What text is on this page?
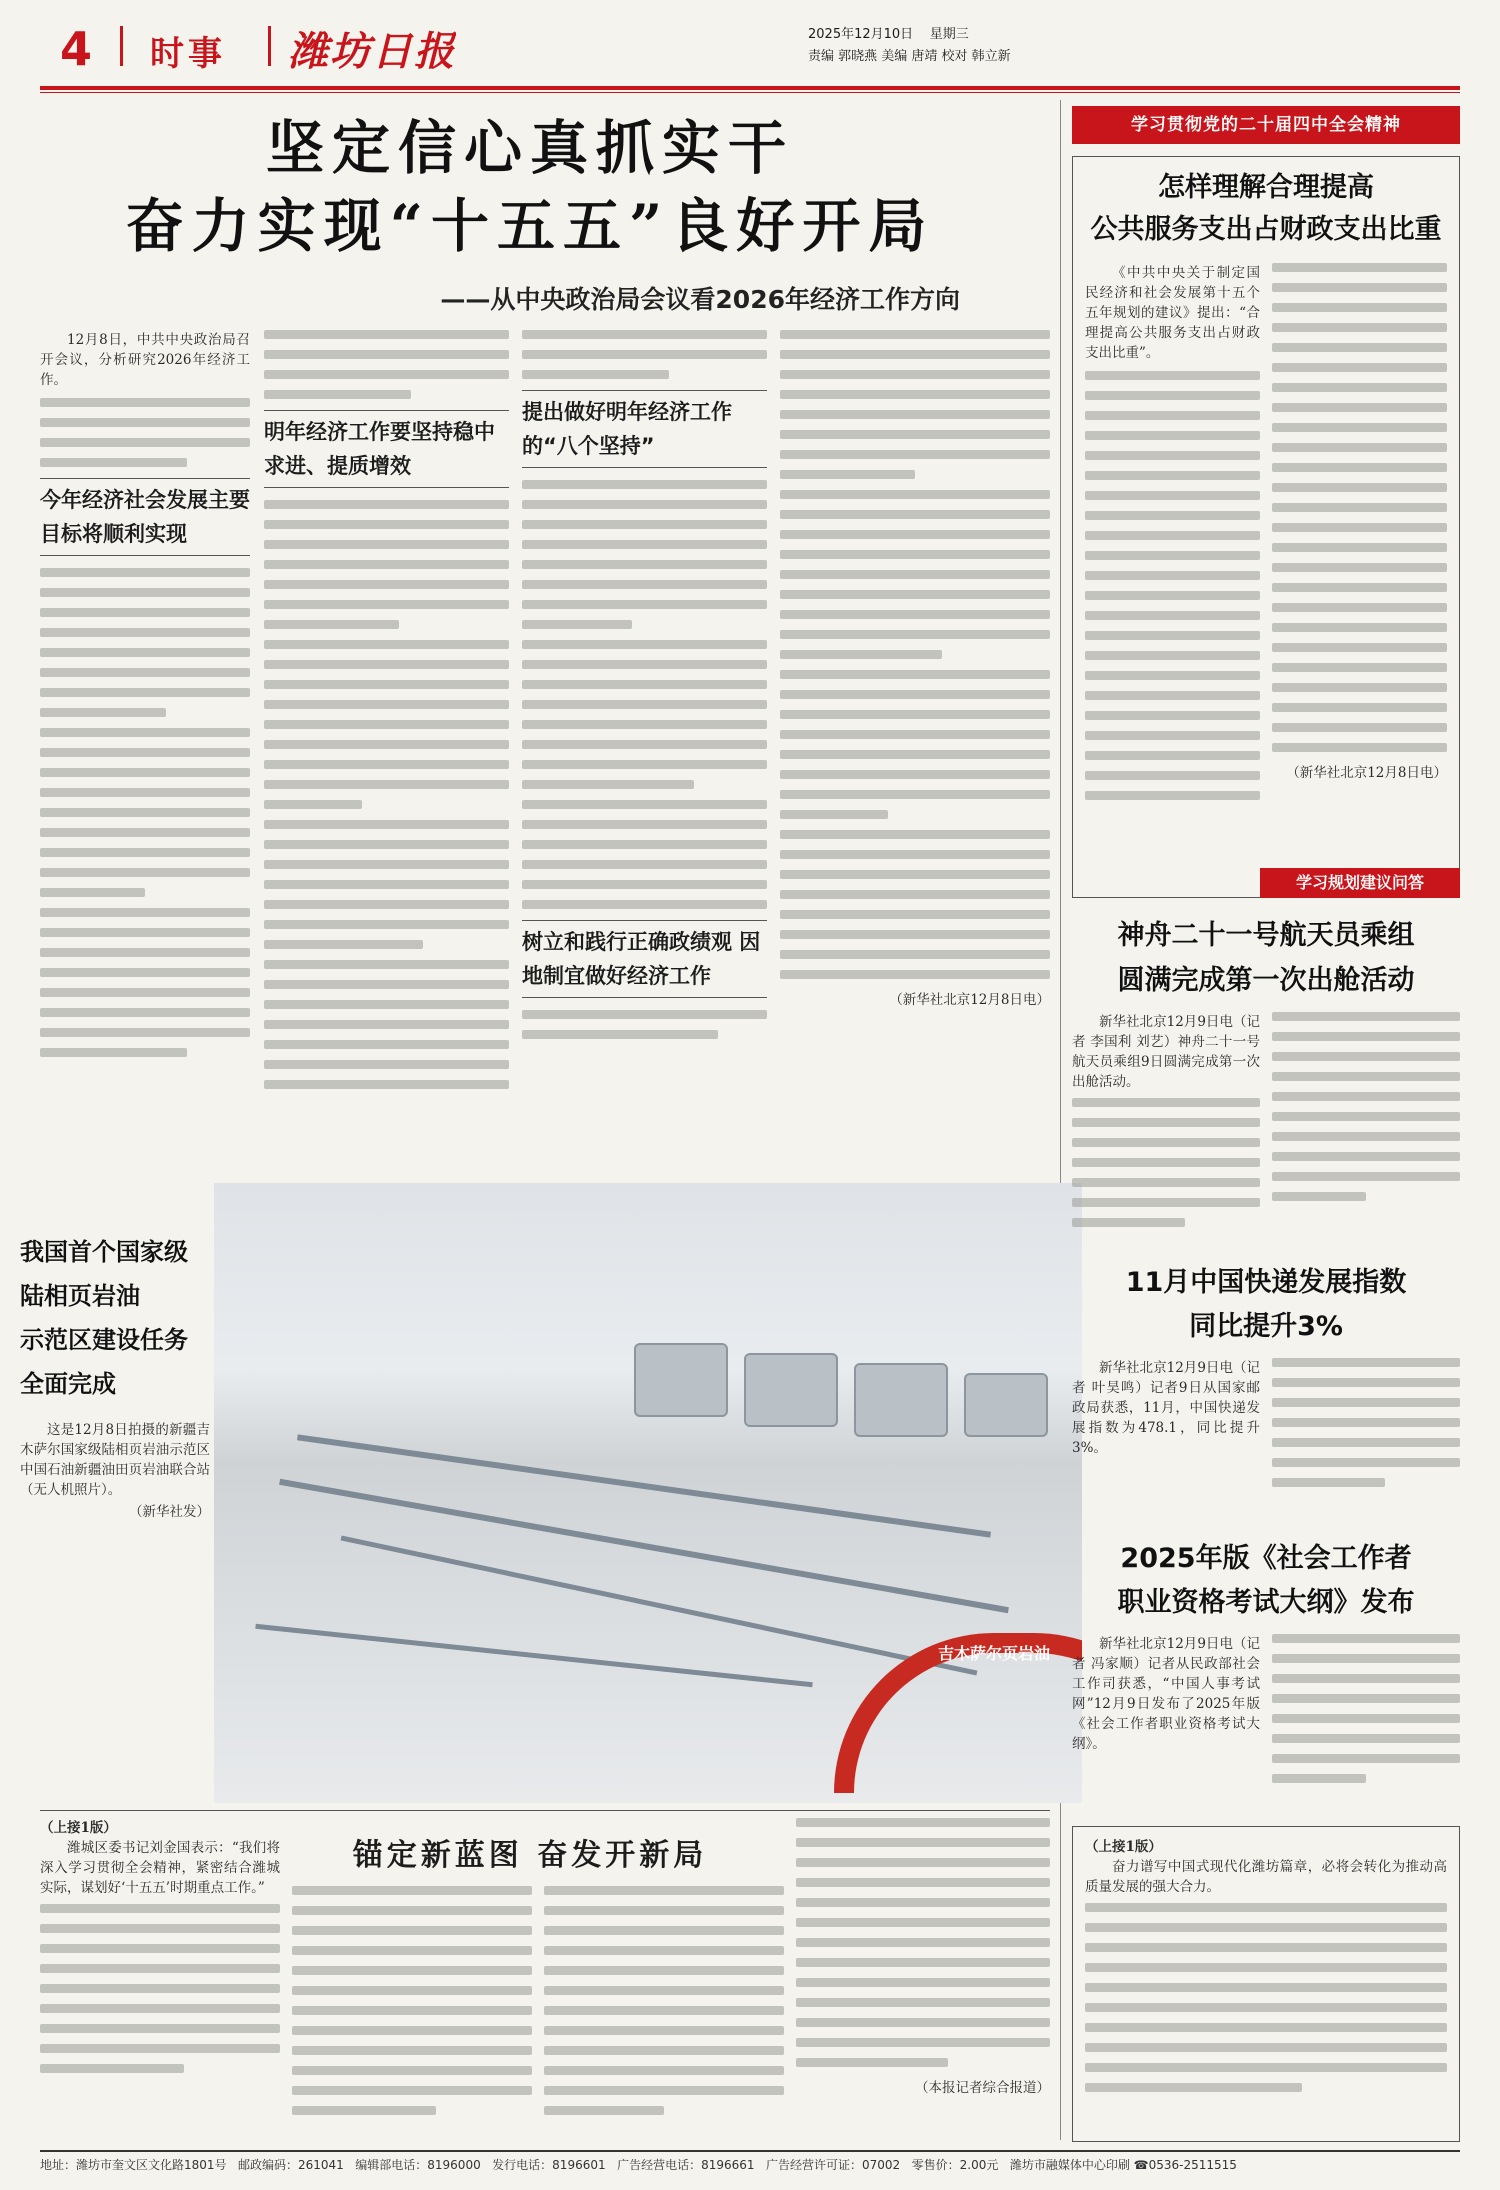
4	时事 潍坊日报	2025年12月10日 星期三
责编 郭晓燕 美编 唐靖 校对 韩立新
坚定信心真抓实干
奋力实现“十五五”良好开局
——从中央政治局会议看2026年经济工作方向

12月8日，中共中央政治局召开会议，分析研究2026年经济工作。

今年经济社会发展主要目标将顺利实现
明年经济工作要坚持稳中求进、提质增效
提出做好明年经济工作的“八个坚持”
树立和践行正确政绩观 因地制宜做好经济工作
（新华社北京12月8日电）
我国首个国家级陆相页岩油
示范区建设任务全面完成

这是12月8日拍摄的新疆吉木萨尔国家级陆相页岩油示范区中国石油新疆油田页岩油联合站（无人机照片）。

（新华社发）
吉木萨尔页岩油
学习贯彻党的二十届四中全会精神
怎样理解合理提高
公共服务支出占财政支出比重

《中共中央关于制定国民经济和社会发展第十五个五年规划的建议》提出：“合理提高公共服务支出占财政支出比重”。

（新华社北京12月8日电）
学习规划建议问答
神舟二十一号航天员乘组
圆满完成第一次出舱活动

新华社北京12月9日电（记者 李国利 刘艺）神舟二十一号航天员乘组9日圆满完成第一次出舱活动。

11月中国快递发展指数
同比提升3%

新华社北京12月9日电（记者 叶昊鸣）记者9日从国家邮政局获悉，11月，中国快递发展指数为478.1，同比提升3%。

2025年版《社会工作者
职业资格考试大纲》发布

新华社北京12月9日电（记者 冯家顺）记者从民政部社会工作司获悉，“中国人事考试网”12月9日发布了2025年版《社会工作者职业资格考试大纲》。

（上接1版）

奋力谱写中国式现代化潍坊篇章，必将会转化为推动高质量发展的强大合力。

锚定新蓝图 奋发开新局
（上接1版）

潍城区委书记刘金国表示：“我们将深入学习贯彻全会精神，紧密结合潍城实际，谋划好‘十五五’时期重点工作。”

（本报记者综合报道）
地址：潍坊市奎文区文化路1801号 邮政编码：261041 编辑部电话：8196000 发行电话：8196601 广告经营电话：8196661 广告经营许可证：07002 零售价：2.00元 潍坊市融媒体中心印刷 ☎0536-2511515
